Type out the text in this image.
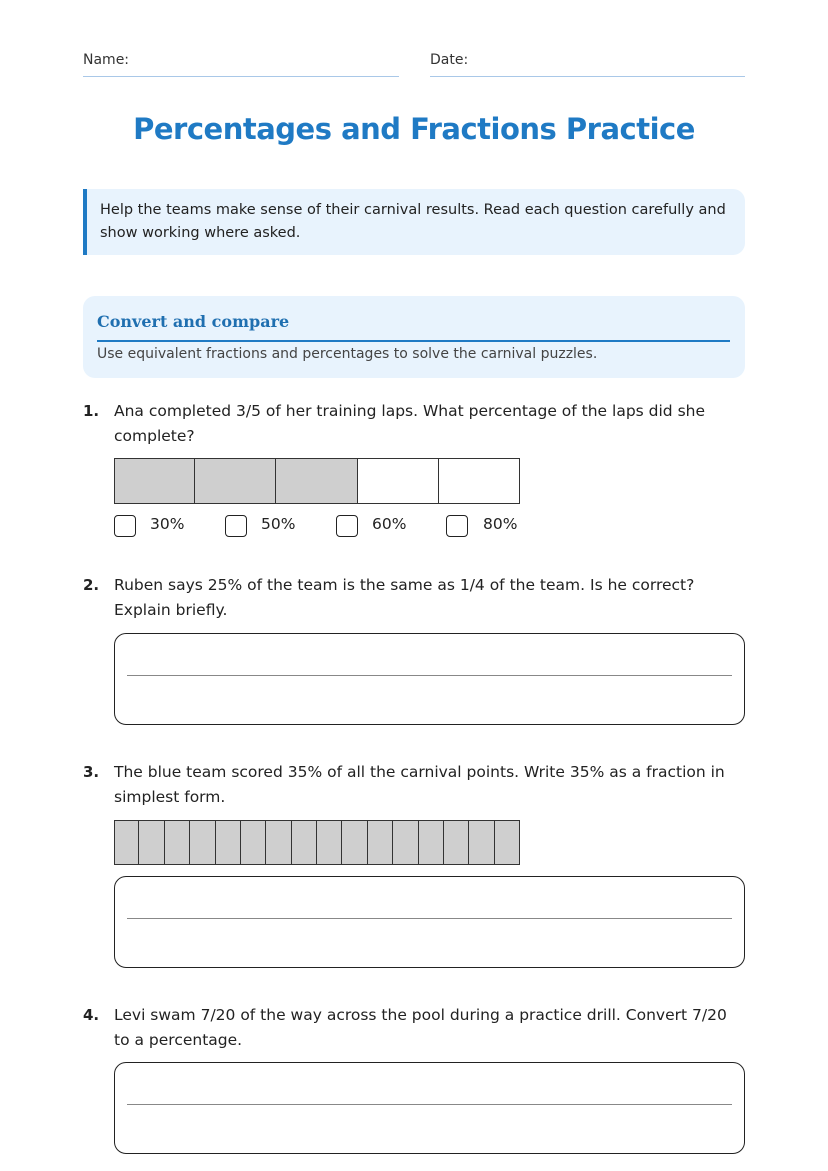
Name:	Date:
Percentages and Fractions Practice
Help the teams make sense of their carnival results. Read each question carefully and show working where asked.
Convert and compare
Use equivalent fractions and percentages to solve the carnival puzzles.
1. Ana completed 3/5 of her training laps. What percentage of the laps did she complete?
30%	50%	60%	80%
2. Ruben says 25% of the team is the same as 1/4 of the team. Is he correct? Explain briefly.
3. The blue team scored 35% of all the carnival points. Write 35% as a fraction in simplest form.
4. Levi swam 7/20 of the way across the pool during a practice drill. Convert 7/20 to a percentage.
